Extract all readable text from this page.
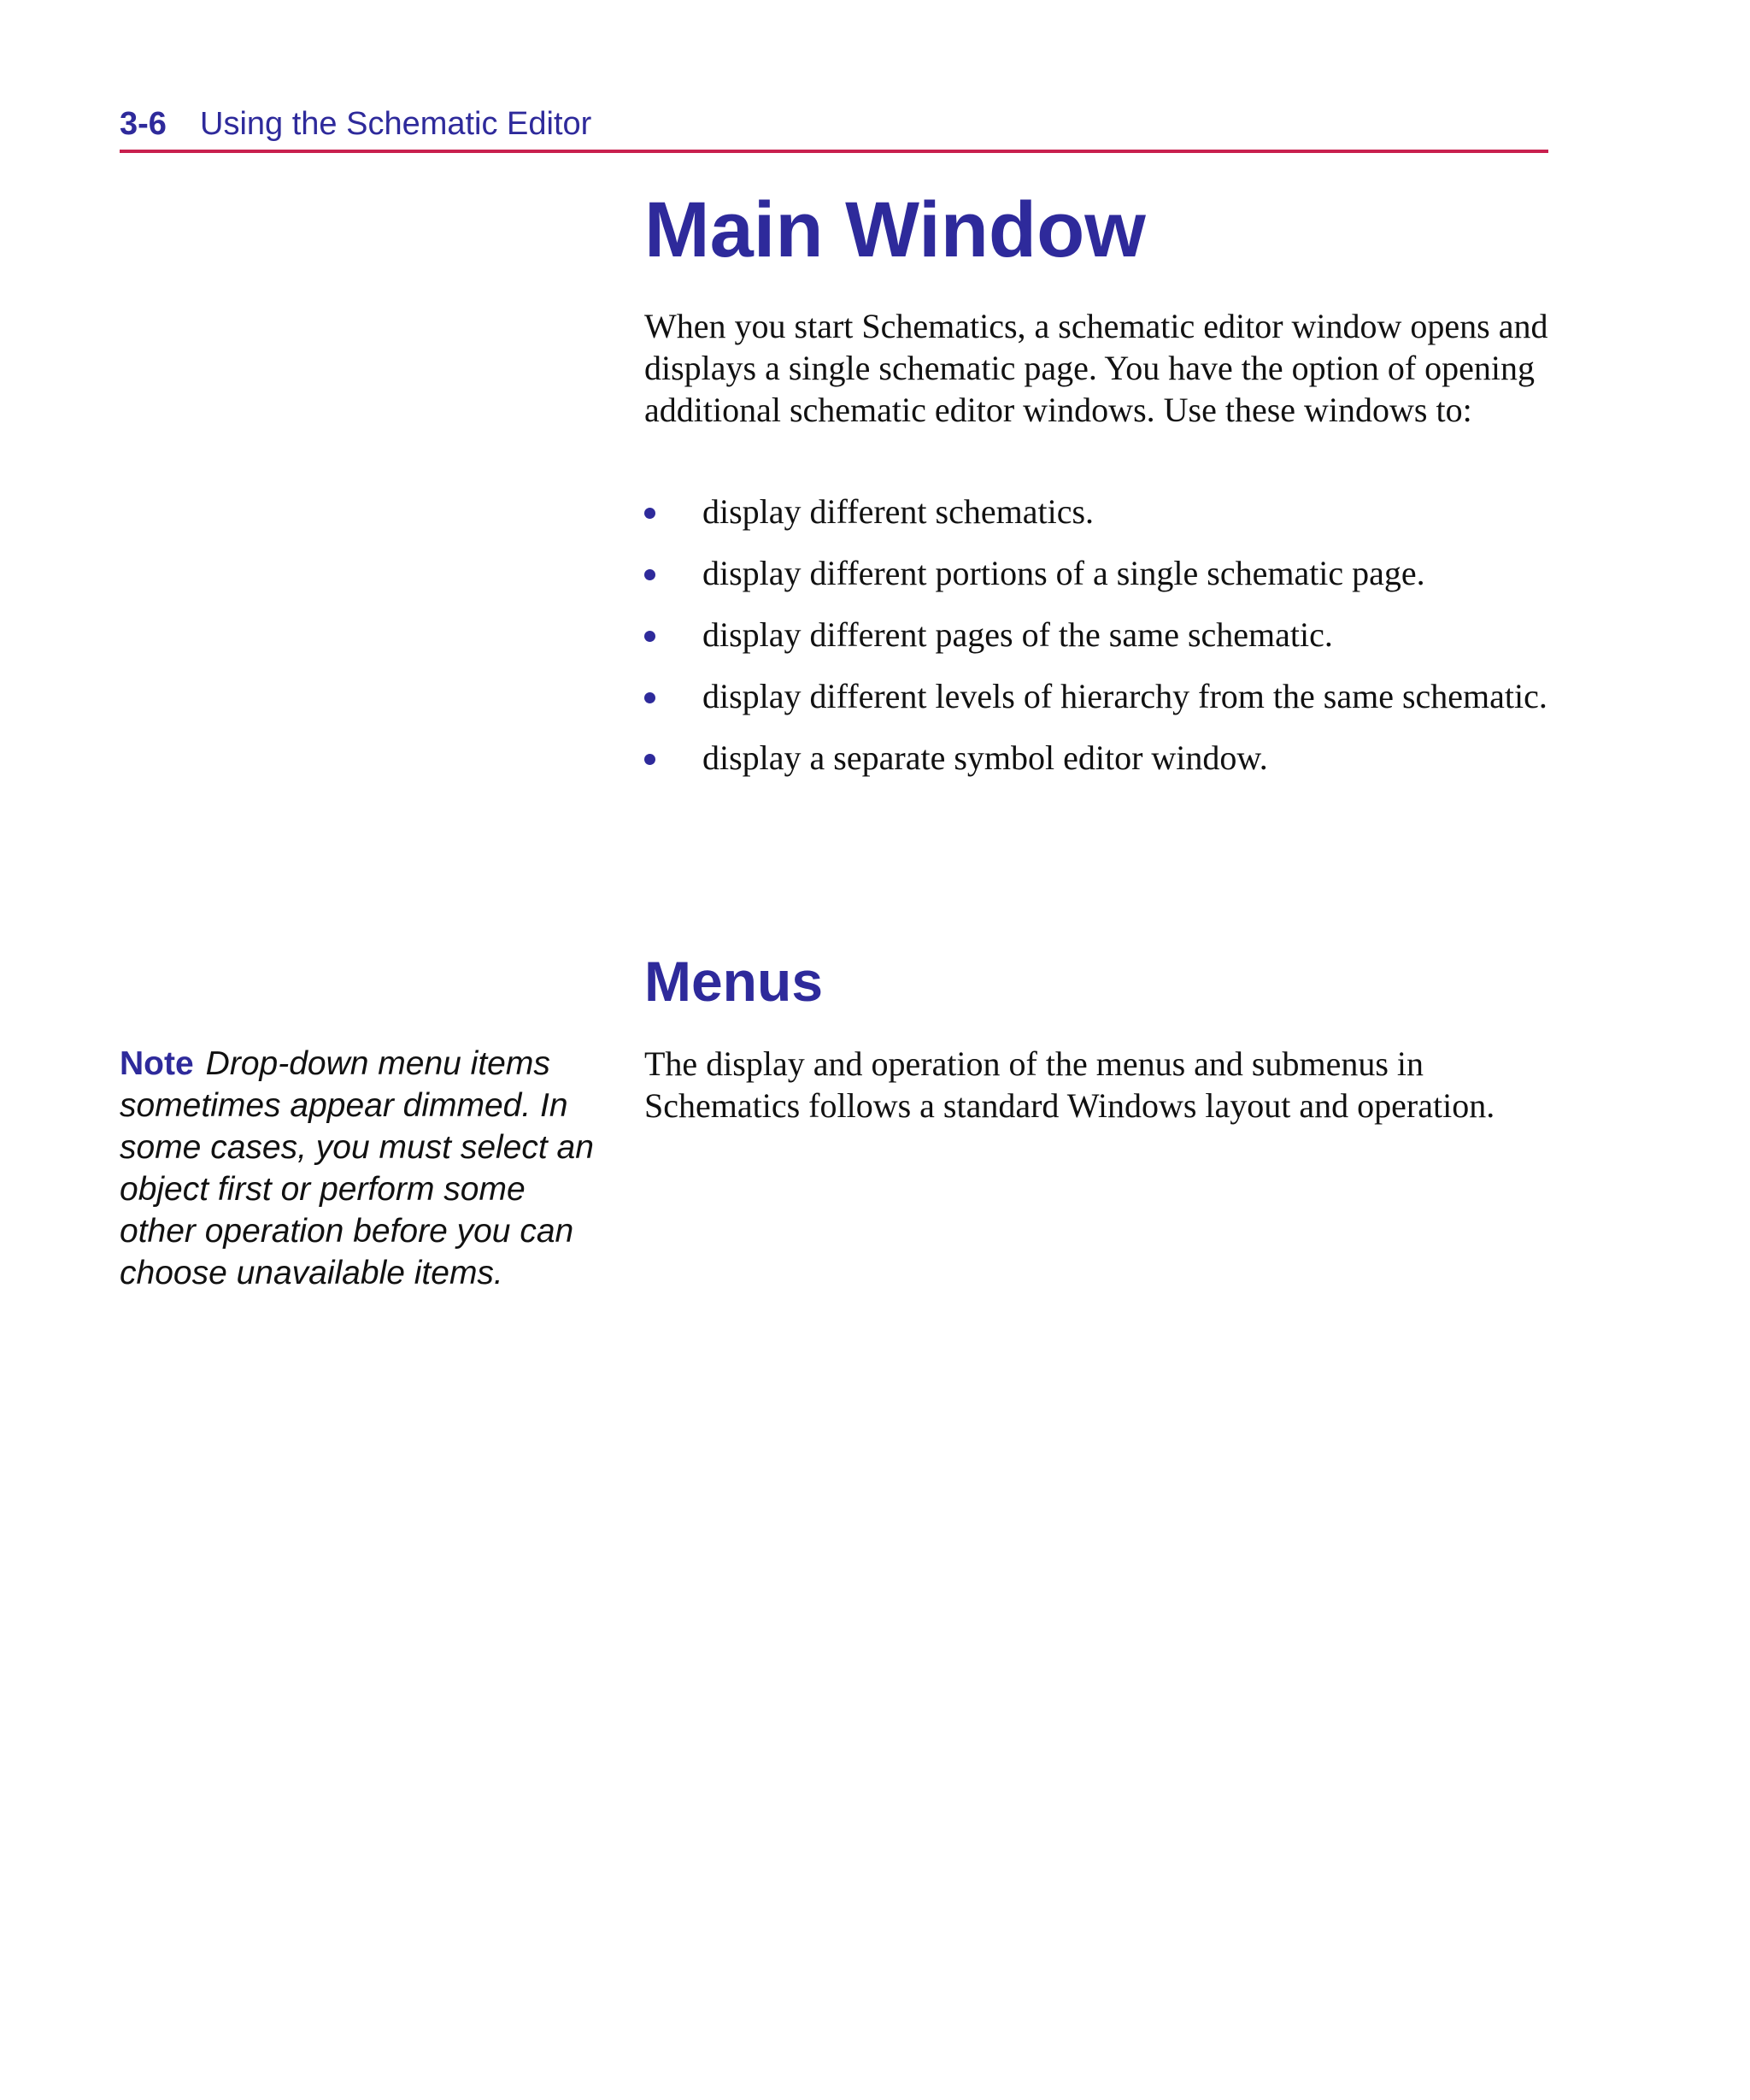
3-6 Using the Schematic Editor
Main Window

When you start Schematics, a schematic editor window opens and displays a single schematic page. You have the option of opening additional schematic editor windows. Use these windows to:

display different schematics.
display different portions of a single schematic page.
display different pages of the same schematic.
display different levels of hierarchy from the same schematic.
display a separate symbol editor window.
Menus

The display and operation of the menus and submenus in Schematics follows a standard Windows layout and operation.

Note Drop-down menu items sometimes appear dimmed. In some cases, you must select an object first or perform some other operation before you can choose unavailable items.
